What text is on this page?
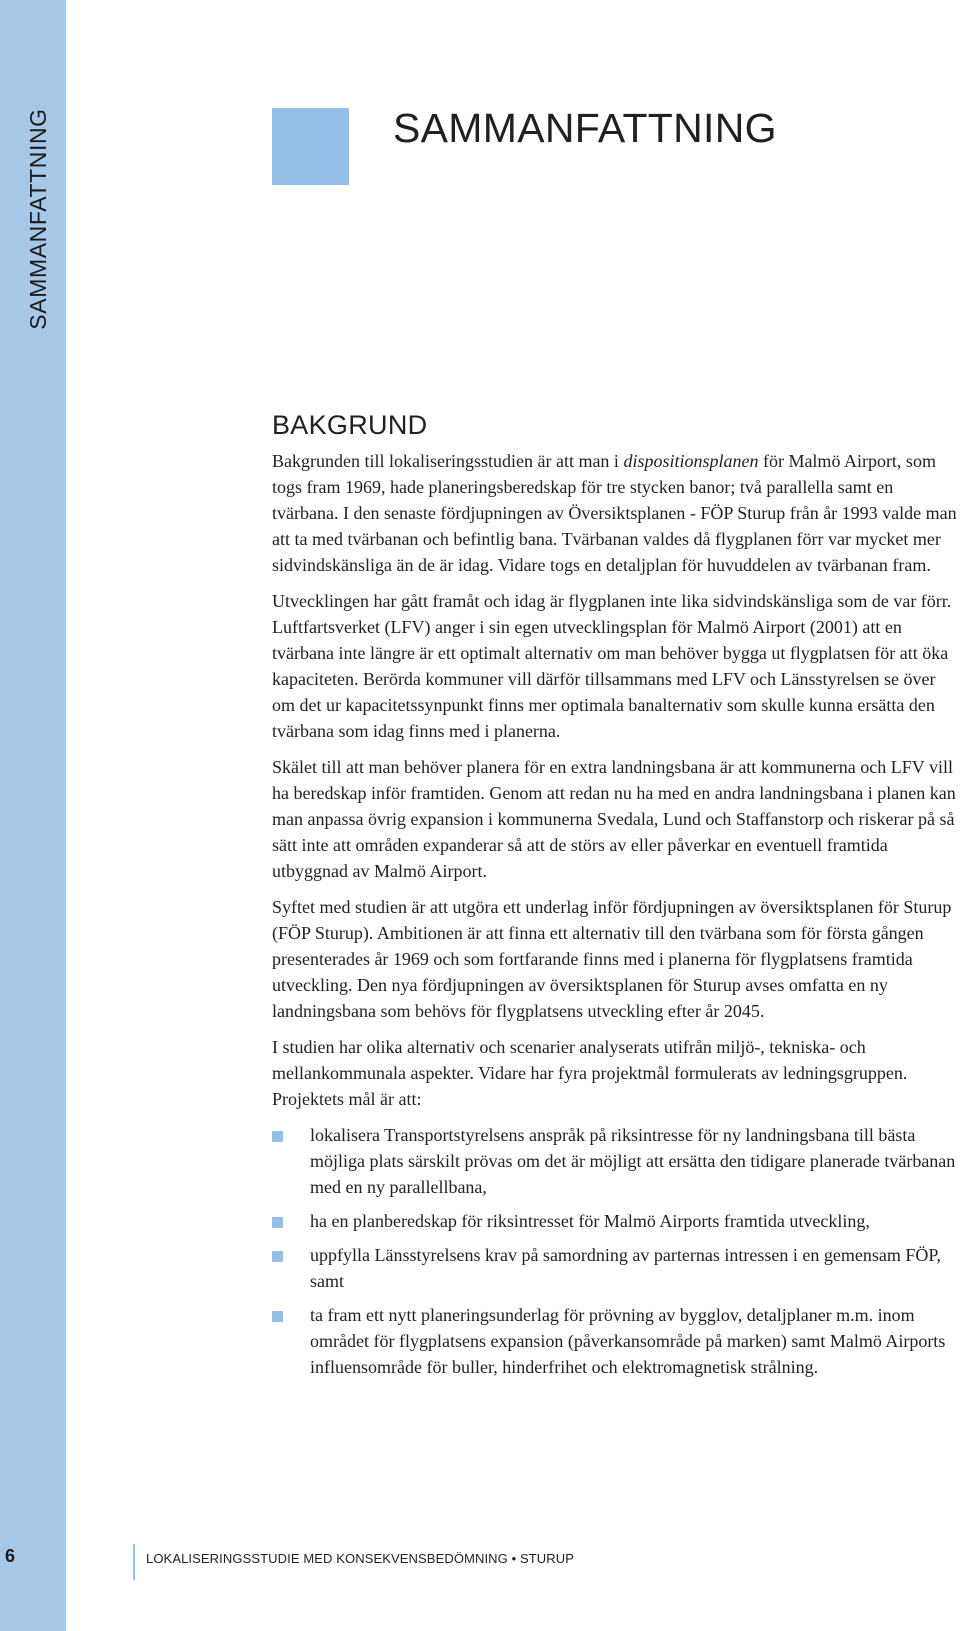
SAMMANFATTNING	SAMMANFATTNING
BAKGRUND

Bakgrunden till lokaliseringsstudien är att man i dispositionsplanen för Malmö Airport, som togs fram 1969, hade planeringsberedskap för tre stycken banor; två parallella samt en tvärbana. I den senaste fördjupningen av Översiktsplanen - FÖP Sturup från år 1993 valde man att ta med tvärbanan och befintlig bana. Tvärbanan valdes då flygplanen förr var mycket mer sidvindskänsliga än de är idag. Vidare togs en detaljplan för huvuddelen av tvärbanan fram.

Utvecklingen har gått framåt och idag är flygplanen inte lika sidvindskänsliga som de var förr. Luftfartsverket (LFV) anger i sin egen utvecklingsplan för Malmö Airport (2001) att en tvärbana inte längre är ett optimalt alternativ om man behöver bygga ut flygplatsen för att öka kapaciteten. Berörda kommuner vill därför tillsammans med LFV och Länsstyrelsen se över om det ur kapacitetssynpunkt finns mer optimala banalternativ som skulle kunna ersätta den tvärbana som idag finns med i planerna.

Skälet till att man behöver planera för en extra landningsbana är att kommunerna och LFV vill ha beredskap inför framtiden. Genom att redan nu ha med en andra landningsbana i planen kan man anpassa övrig expansion i kommunerna Svedala, Lund och Staffanstorp och riskerar på så sätt inte att områden expanderar så att de störs av eller påverkar en eventuell framtida utbyggnad av Malmö Airport.

Syftet med studien är att utgöra ett underlag inför fördjupningen av översiktsplanen för Sturup (FÖP Sturup). Ambitionen är att finna ett alternativ till den tvärbana som för första gången presenterades år 1969 och som fortfarande finns med i planerna för flygplatsens framtida utveckling. Den nya fördjupningen av översiktsplanen för Sturup avses omfatta en ny landningsbana som behövs för flygplatsens utveckling efter år 2045.

I studien har olika alternativ och scenarier analyserats utifrån miljö-, tekniska- och mellankommunala aspekter. Vidare har fyra projektmål formulerats av ledningsgruppen. Projektets mål är att:

lokalisera Transportstyrelsens anspråk på riksintresse för ny landningsbana till bästa möjliga plats särskilt prövas om det är möjligt att ersätta den tidigare planerade tvärbanan med en ny parallellbana,
ha en planberedskap för riksintresset för Malmö Airports framtida utveckling,
uppfylla Länsstyrelsens krav på samordning av parternas intressen i en gemensam FÖP, samt
ta fram ett nytt planeringsunderlag för prövning av bygglov, detaljplaner m.m. inom området för flygplatsens expansion (påverkansområde på marken) samt Malmö Airports influensområde för buller, hinderfrihet och elektromagnetisk strålning.
6	LOKALISERINGSSTUDIE MED KONSEKVENSBEDÖMNING • STURUP
